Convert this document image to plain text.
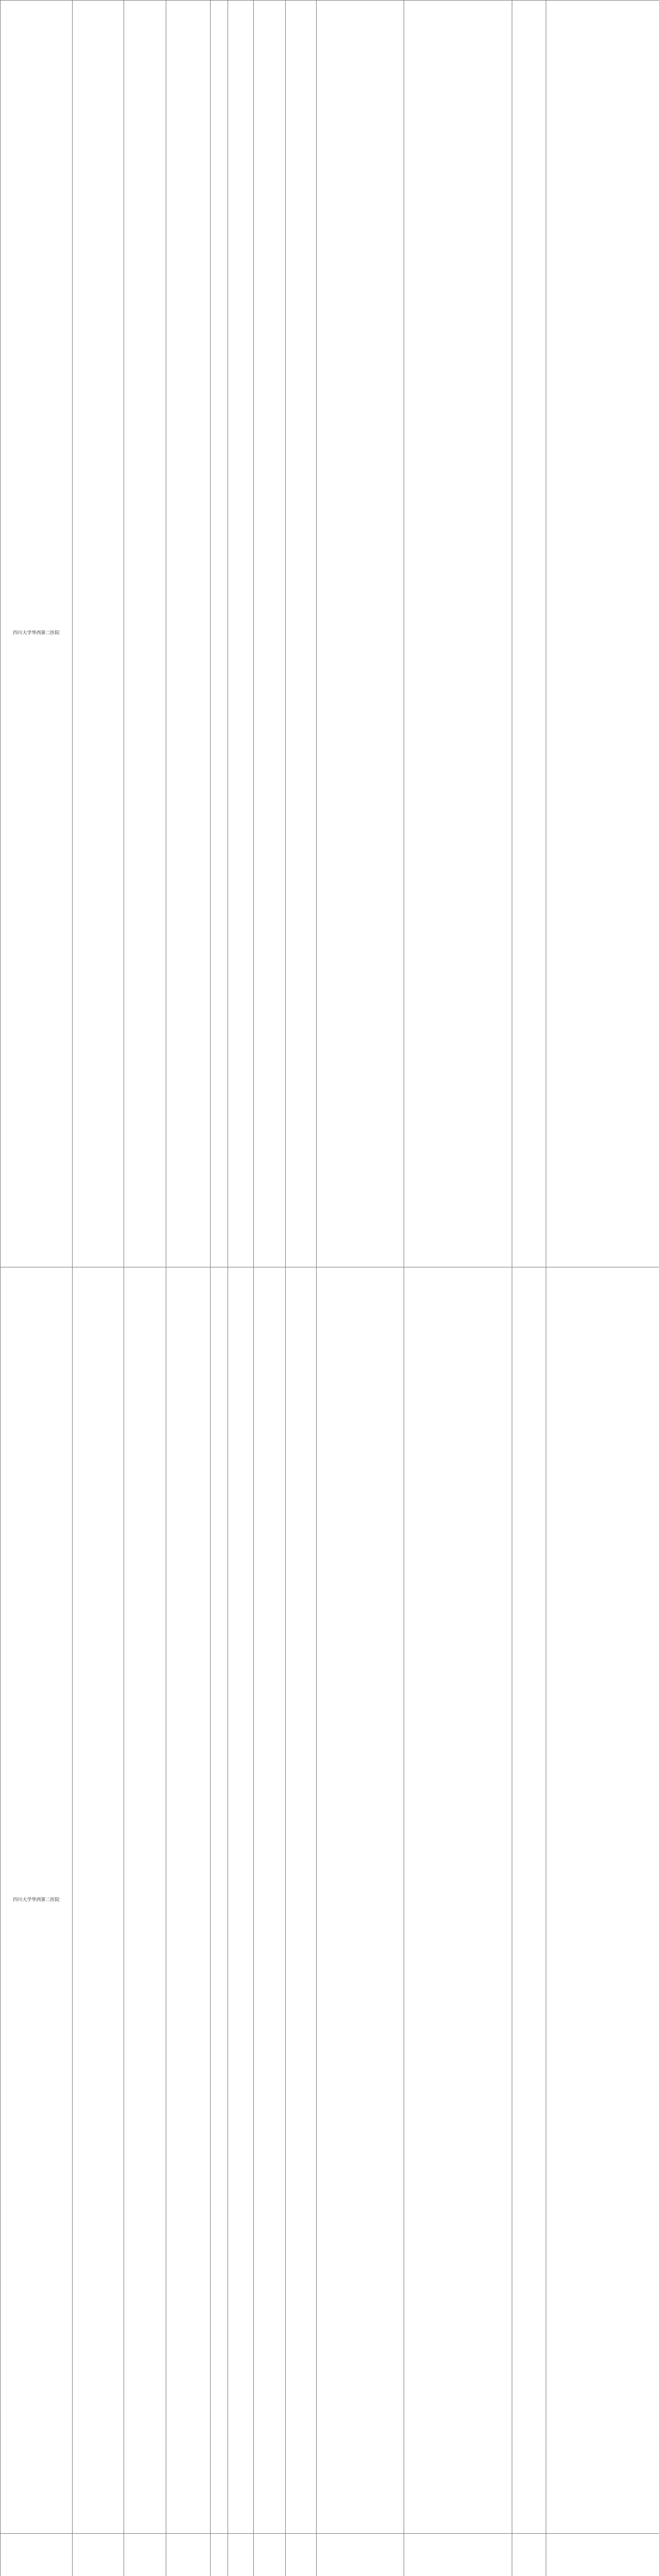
四川大学华西第二医院											
四川大学华西第二医院											
